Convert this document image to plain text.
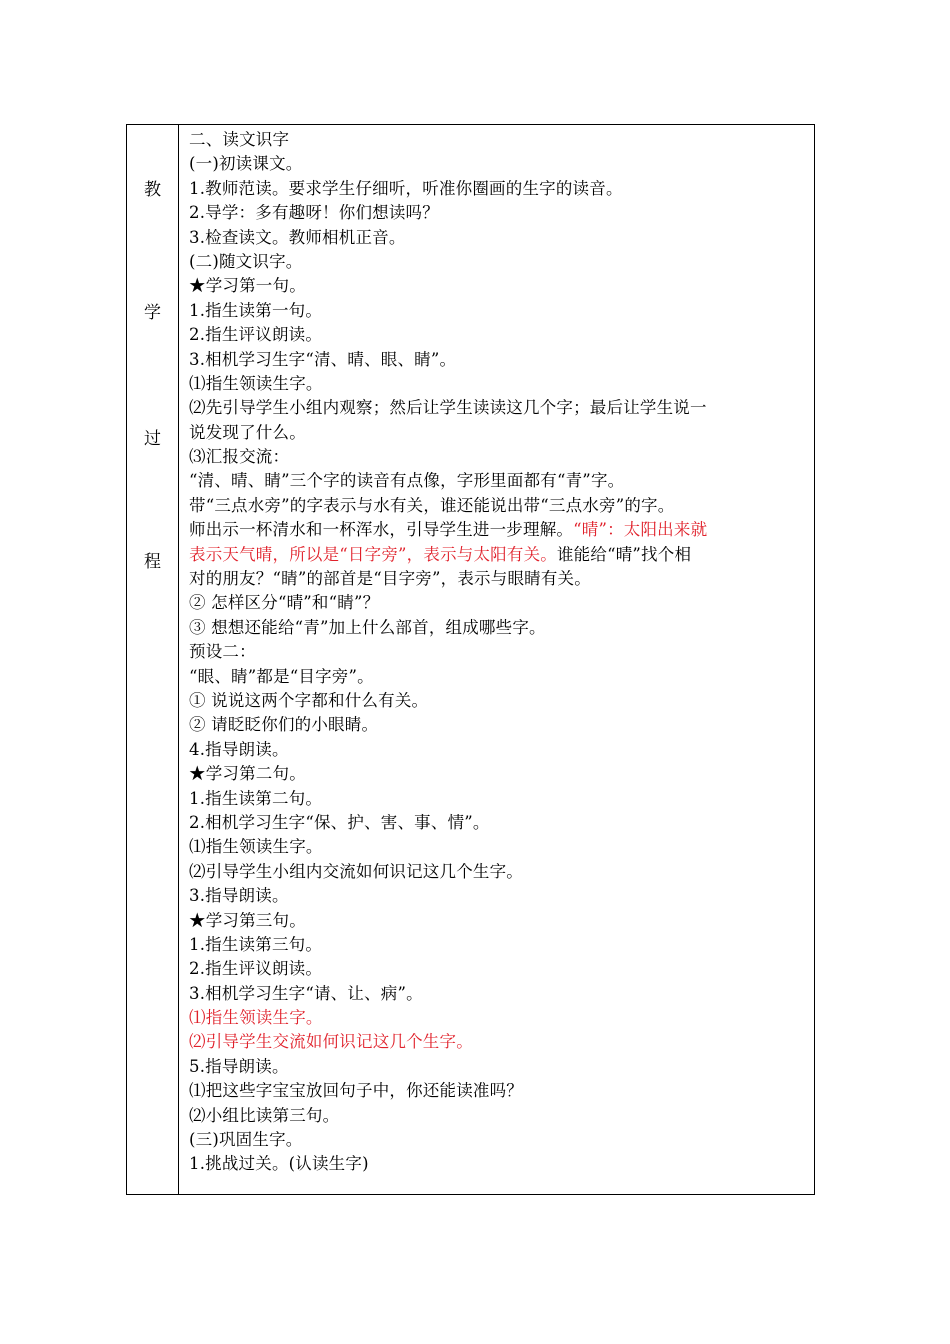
教
学
过
程
二、读文识字
(一)初读课文。
1.教师范读。要求学生仔细听，听准你圈画的生字的读音。
2.导学：多有趣呀！你们想读吗？
3.检查读文。教师相机正音。
(二)随文识字。
★学习第一句。
1.指生读第一句。
2.指生评议朗读。
3.相机学习生字“清、晴、眼、睛”。
⑴指生领读生字。
⑵先引导学生小组内观察；然后让学生读读这几个字；最后让学生说一
说发现了什么。
⑶汇报交流：
“清、晴、睛”三个字的读音有点像，字形里面都有“青”字。
带“三点水旁”的字表示与水有关，谁还能说出带“三点水旁”的字。
师出示一杯清水和一杯浑水，引导学生进一步理解。“晴”：太阳出来就
表示天气晴，所以是“日字旁”，表示与太阳有关。谁能给“晴”找个相
对的朋友？“睛”的部首是“目字旁”，表示与眼睛有关。
② 怎样区分“晴”和“睛”？
③ 想想还能给“青”加上什么部首，组成哪些字。
预设二：
“眼、睛”都是“目字旁”。
① 说说这两个字都和什么有关。
② 请眨眨你们的小眼睛。
4.指导朗读。
★学习第二句。
1.指生读第二句。
2.相机学习生字“保、护、害、事、情”。
⑴指生领读生字。
⑵引导学生小组内交流如何识记这几个生字。
3.指导朗读。
★学习第三句。
1.指生读第三句。
2.指生评议朗读。
3.相机学习生字“请、让、病”。
⑴指生领读生字。
⑵引导学生交流如何识记这几个生字。
5.指导朗读。
⑴把这些字宝宝放回句子中，你还能读准吗？
⑵小组比读第三句。
(三)巩固生字。
1.挑战过关。(认读生字)
